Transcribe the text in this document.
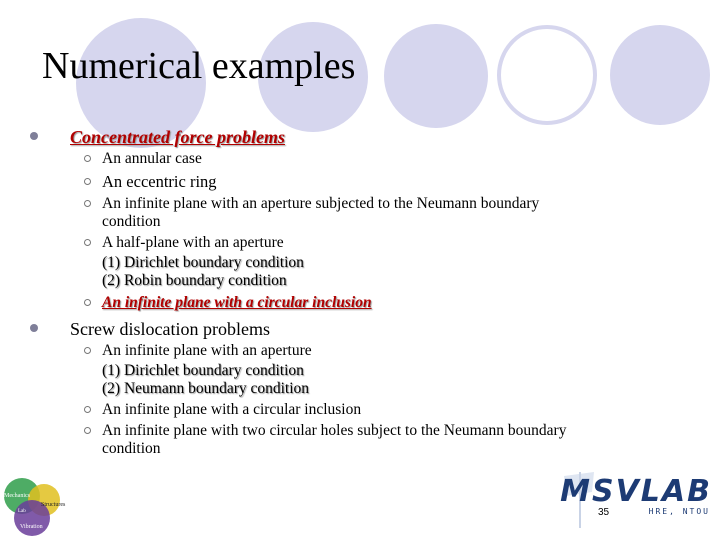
Numerical examples
Concentrated force problems
An annular case
An eccentric ring
An infinite plane with an aperture subjected to the Neumann boundary
condition
A half-plane with an aperture
(1) Dirichlet boundary condition
(2) Robin boundary condition
An infinite plane with a circular inclusion
Screw dislocation problems
An infinite plane with an aperture
(1) Dirichlet boundary condition
(2) Neumann boundary condition
An infinite plane with a circular inclusion
An infinite plane with two circular holes subject to the Neumann boundary
condition
Mechanics
Structures
Vibration
Lab
MSVLAB
HRE, NTOU
35
